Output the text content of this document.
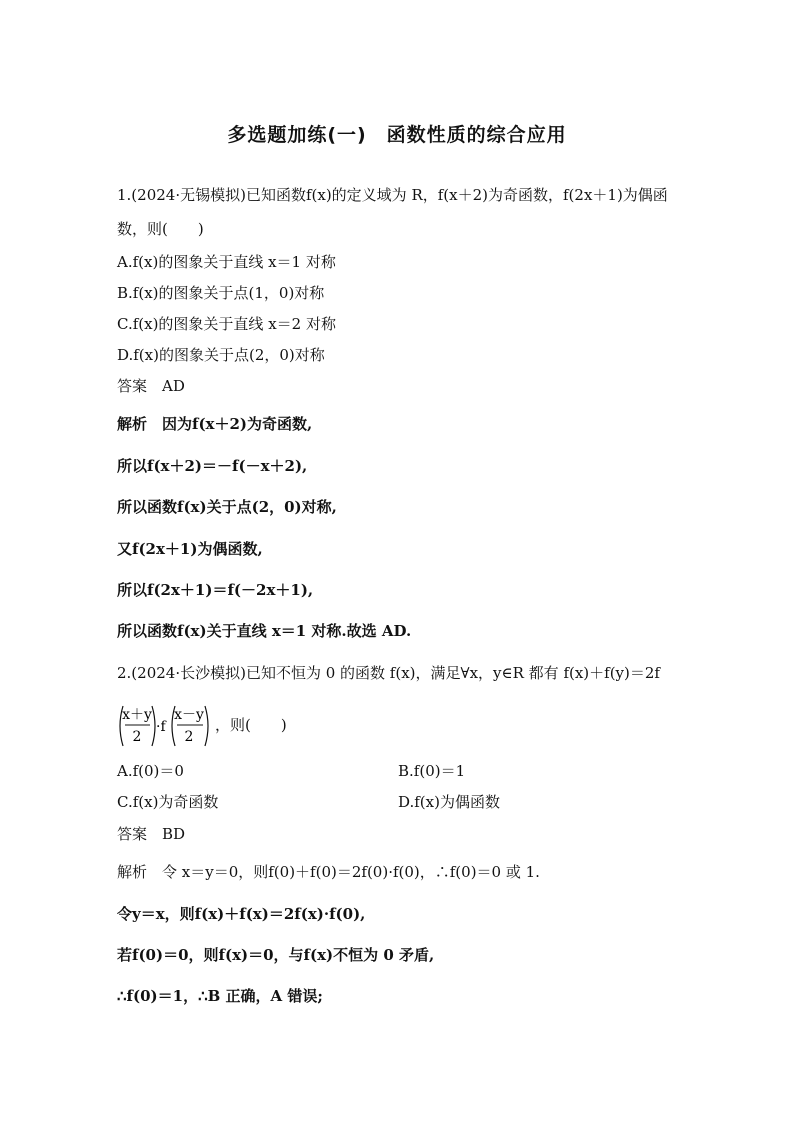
多选题加练(一)　函数性质的综合应用
1.(2024·无锡模拟)已知函数f(x)的定义域为 R，f(x＋2)为奇函数，f(2x＋1)为偶函
数，则(　　)
A.f(x)的图象关于直线 x＝1 对称
B.f(x)的图象关于点(1，0)对称
C.f(x)的图象关于直线 x＝2 对称
D.f(x)的图象关于点(2，0)对称
答案　AD
解析　因为f(x＋2)为奇函数,
所以f(x＋2)＝－f(－x＋2),
所以函数f(x)关于点(2，0)对称,
又f(2x＋1)为偶函数,
所以f(2x＋1)＝f(－2x＋1),
所以函数f(x)关于直线 x＝1 对称.故选 AD.
2.(2024·长沙模拟)已知不恒为 0 的函数 f(x)，满足∀x，y∈R 都有 f(x)＋f(y)＝2f
x＋y
2
·f
x－y
2
，则(　　)
A.f(0)＝0	B.f(0)＝1
C.f(x)为奇函数	D.f(x)为偶函数
答案　BD
解析　令 x＝y＝0，则f(0)＋f(0)＝2f(0)·f(0)，∴f(0)＝0 或 1.
令y＝x，则f(x)＋f(x)＝2f(x)·f(0),
若f(0)＝0，则f(x)＝0，与f(x)不恒为 0 矛盾,
∴f(0)＝1，∴B 正确，A 错误;
